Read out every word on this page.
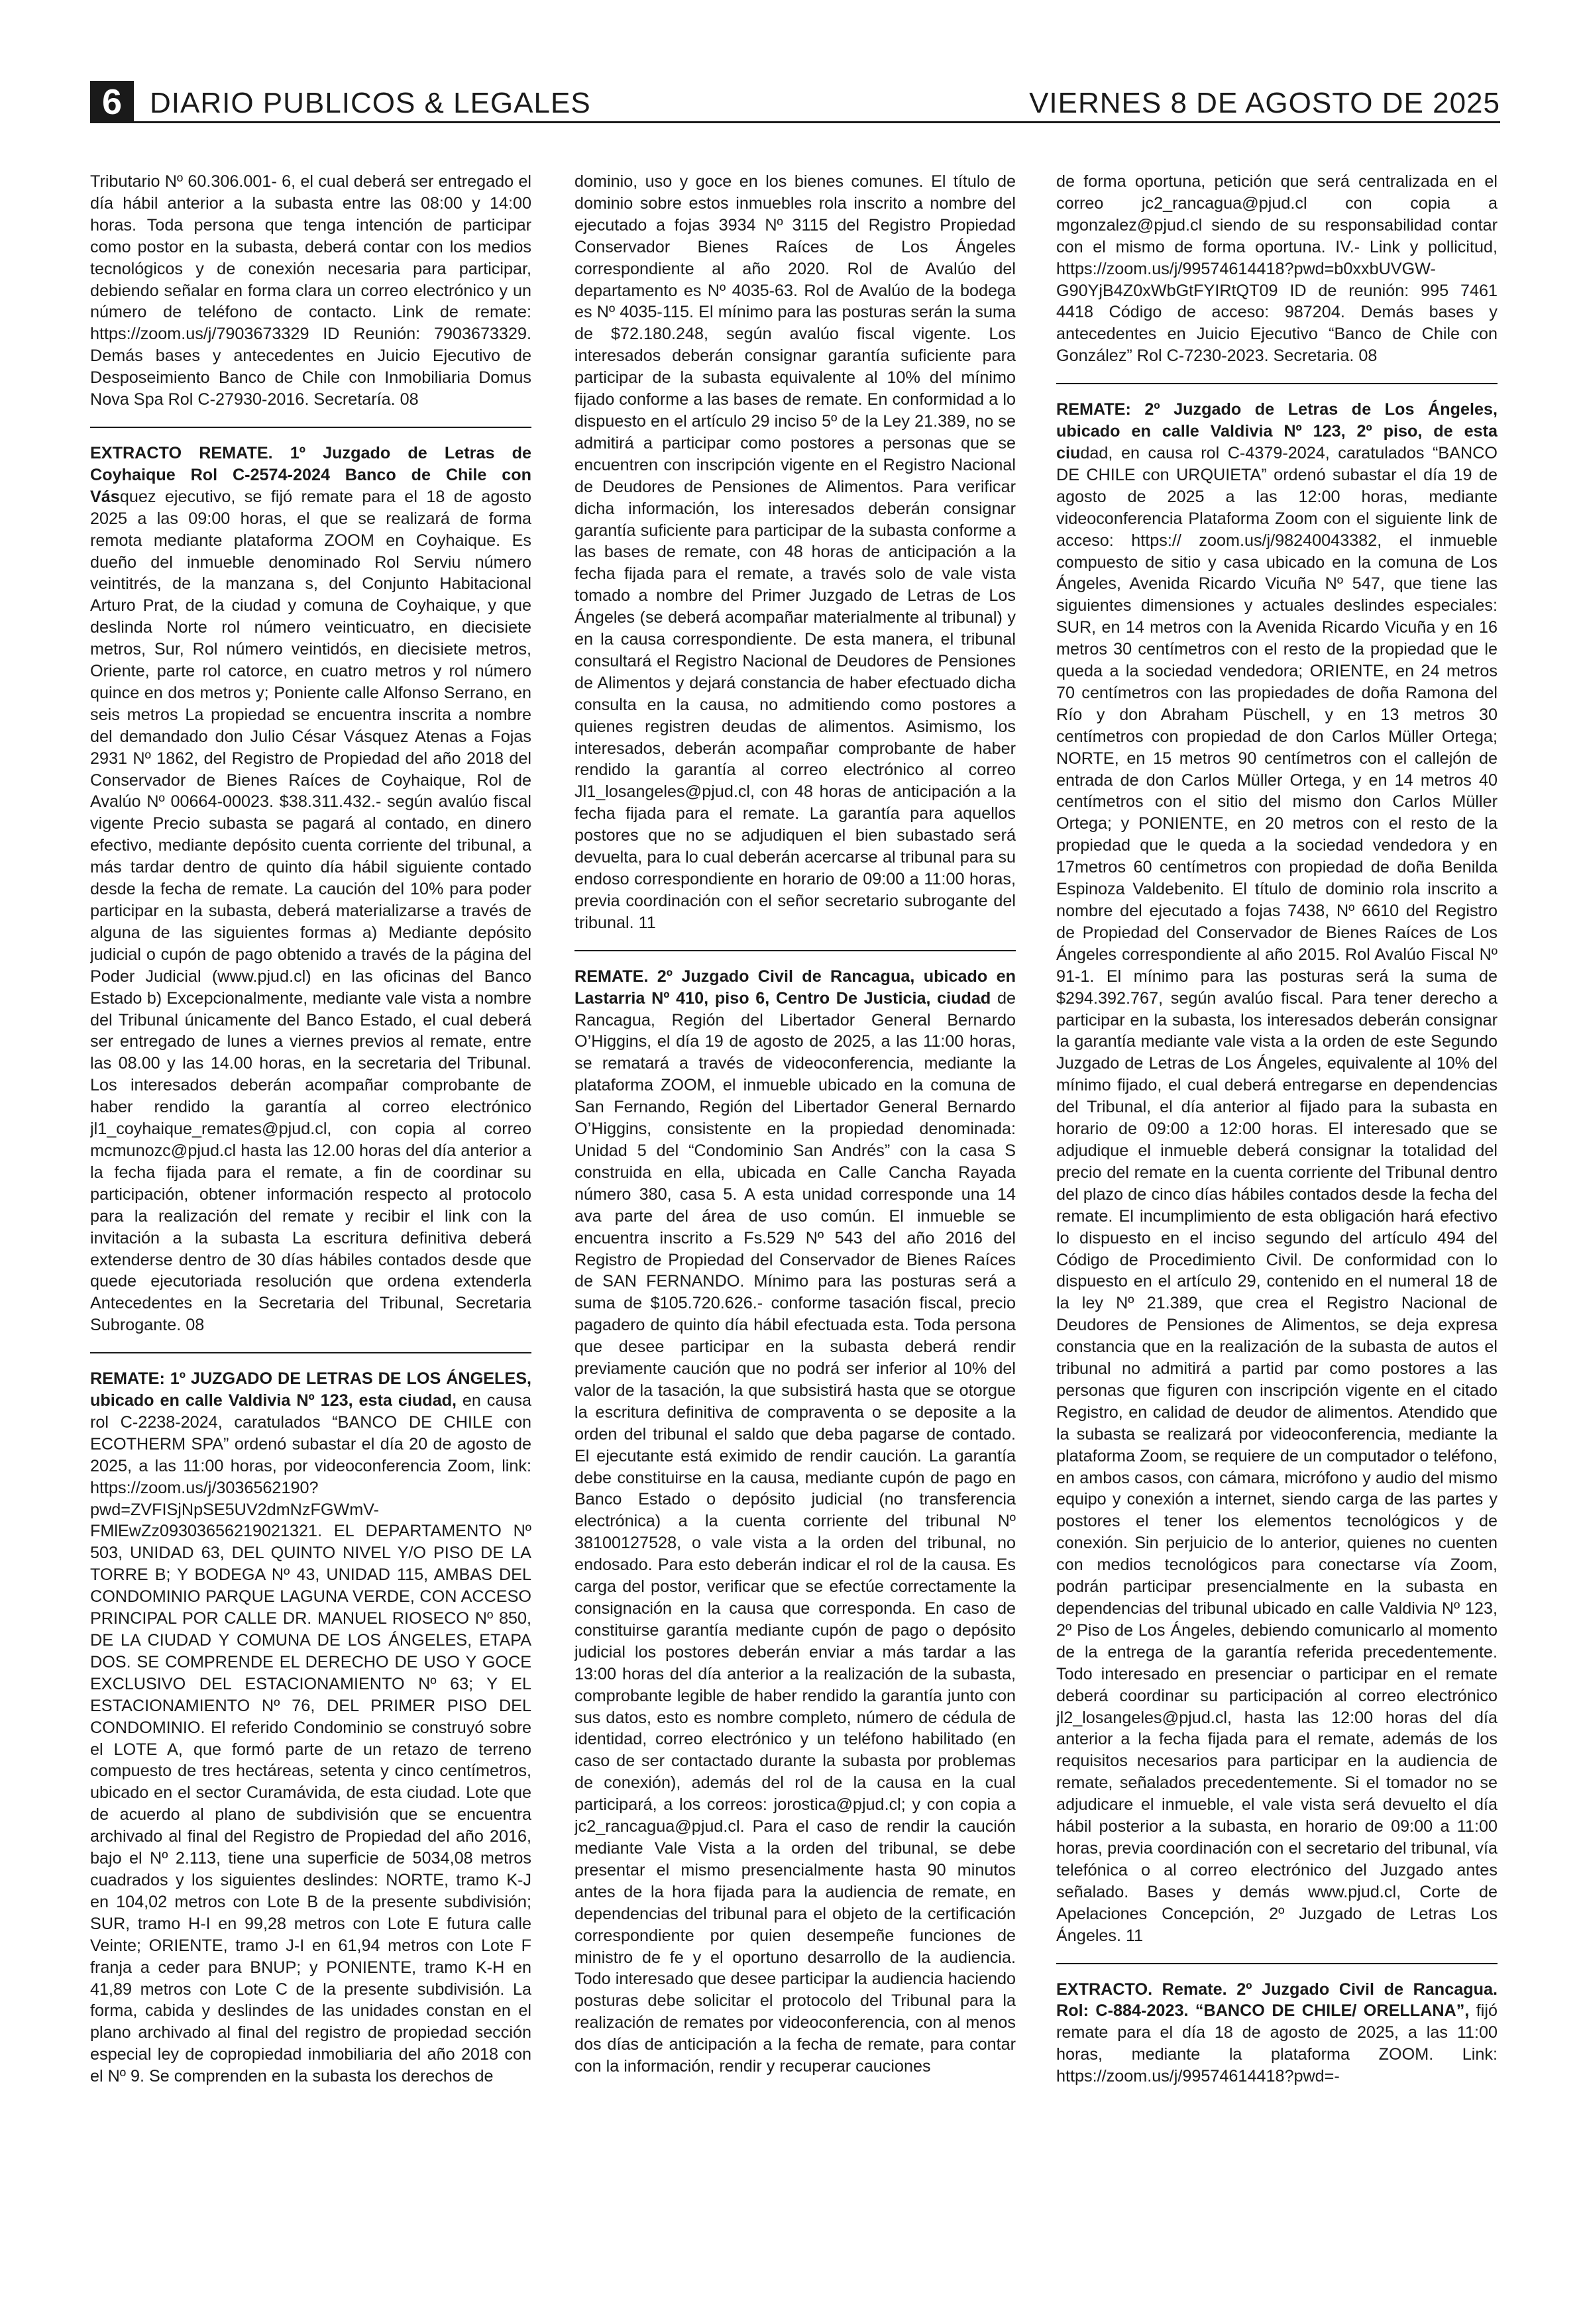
6 DIARIO PUBLICOS & LEGALES	VIERNES 8 DE AGOSTO DE 2025

Tributario Nº 60.306.001- 6, el cual deberá ser entregado el día hábil anterior a la subasta entre las 08:00 y 14:00 horas. Toda persona que tenga intención de participar como postor en la subasta, deberá contar con los medios tecnológicos y de conexión necesaria para participar, debiendo señalar en forma clara un correo electrónico y un número de teléfono de contacto. Link de remate: https://zoom.us/j/7903673329 ID Reunión: 7903673329. Demás bases y antecedentes en Juicio Ejecutivo de Desposeimiento Banco de Chile con Inmobiliaria Domus Nova Spa Rol C-27930-2016. Secretaría. 08

EXTRACTO REMATE. 1º Juzgado de Letras de Coyhaique Rol C-2574-2024 Banco de Chile con Vásquez ejecutivo, se fijó remate para el 18 de agosto 2025 a las 09:00 horas, el que se realizará de forma remota mediante plataforma ZOOM en Coyhaique. Es dueño del inmueble denominado Rol Serviu número veintitrés, de la manzana s, del Conjunto Habitacional Arturo Prat, de la ciudad y comuna de Coyhaique, y que deslinda Norte rol número veinticuatro, en diecisiete metros, Sur, Rol número veintidós, en diecisiete metros, Oriente, parte rol catorce, en cuatro metros y rol número quince en dos metros y; Poniente calle Alfonso Serrano, en seis metros La propiedad se encuentra inscrita a nombre del demandado don Julio César Vásquez Atenas a Fojas 2931 Nº 1862, del Registro de Propiedad del año 2018 del Conservador de Bienes Raíces de Coyhaique, Rol de Avalúo Nº 00664-00023. $38.311.432.- según avalúo fiscal vigente Precio subasta se pagará al contado, en dinero efectivo, mediante depósito cuenta corriente del tribunal, a más tardar dentro de quinto día hábil siguiente contado desde la fecha de remate. La caución del 10% para poder participar en la subasta, deberá materializarse a través de alguna de las siguientes formas a) Mediante depósito judicial o cupón de pago obtenido a través de la página del Poder Judicial (www.pjud.cl) en las oficinas del Banco Estado b) Excepcionalmente, mediante vale vista a nombre del Tribunal únicamente del Banco Estado, el cual deberá ser entregado de lunes a viernes previos al remate, entre las 08.00 y las 14.00 horas, en la secretaria del Tribunal. Los interesados deberán acompañar comprobante de haber rendido la garantía al correo electrónico jl1_coyhaique_remates@pjud.cl, con copia al correo mcmunozc@pjud.cl hasta las 12.00 horas del día anterior a la fecha fijada para el remate, a fin de coordinar su participación, obtener información respecto al protocolo para la realización del remate y recibir el link con la invitación a la subasta La escritura definitiva deberá extenderse dentro de 30 días hábiles contados desde que quede ejecutoriada resolución que ordena extenderla Antecedentes en la Secretaria del Tribunal, Secretaria Subrogante. 08

REMATE: 1º JUZGADO DE LETRAS DE LOS ÁNGELES, ubicado en calle Valdivia Nº 123, esta ciudad, en causa rol C-2238-2024, caratulados “BANCO DE CHILE con ECOTHERM SPA” ordenó subastar el día 20 de agosto de 2025, a las 11:00 horas, por videoconferencia Zoom, link: https://zoom.us/j/3036562190?pwd=ZVFISjNpSE5UV2dmNzFGWmV-FMlEwZz09303656219021321. EL DEPARTAMENTO Nº 503, UNIDAD 63, DEL QUINTO NIVEL Y/O PISO DE LA TORRE B; Y BODEGA Nº 43, UNIDAD 115, AMBAS DEL CONDOMINIO PARQUE LAGUNA VERDE, CON ACCESO PRINCIPAL POR CALLE DR. MANUEL RIOSECO Nº 850, DE LA CIUDAD Y COMUNA DE LOS ÁNGELES, ETAPA DOS. SE COMPRENDE EL DERECHO DE USO Y GOCE EXCLUSIVO DEL ESTACIONAMIENTO Nº 63; Y EL ESTACIONAMIENTO Nº 76, DEL PRIMER PISO DEL CONDOMINIO. El referido Condominio se construyó sobre el LOTE A, que formó parte de un retazo de terreno compuesto de tres hectáreas, setenta y cinco centímetros, ubicado en el sector Curamávida, de esta ciudad. Lote que de acuerdo al plano de subdivisión que se encuentra archivado al final del Registro de Propiedad del año 2016, bajo el Nº 2.113, tiene una superficie de 5034,08 metros cuadrados y los siguientes deslindes: NORTE, tramo K-J en 104,02 metros con Lote B de la presente subdivisión; SUR, tramo H-I en 99,28 metros con Lote E futura calle Veinte; ORIENTE, tramo J-I en 61,94 metros con Lote F franja a ceder para BNUP; y PONIENTE, tramo K-H en 41,89 metros con Lote C de la presente subdivisión. La forma, cabida y deslindes de las unidades constan en el plano archivado al final del registro de propiedad sección especial ley de copropiedad inmobiliaria del año 2018 con el Nº 9. Se comprenden en la subasta los derechos de

dominio, uso y goce en los bienes comunes. El título de dominio sobre estos inmuebles rola inscrito a nombre del ejecutado a fojas 3934 Nº 3115 del Registro Propiedad Conservador Bienes Raíces de Los Ángeles correspondiente al año 2020. Rol de Avalúo del departamento es Nº 4035-63. Rol de Avalúo de la bodega es Nº 4035-115. El mínimo para las posturas serán la suma de $72.180.248, según avalúo fiscal vigente. Los interesados deberán consignar garantía suficiente para participar de la subasta equivalente al 10% del mínimo fijado conforme a las bases de remate. En conformidad a lo dispuesto en el artículo 29 inciso 5º de la Ley 21.389, no se admitirá a participar como postores a personas que se encuentren con inscripción vigente en el Registro Nacional de Deudores de Pensiones de Alimentos. Para verificar dicha información, los interesados deberán consignar garantía suficiente para participar de la subasta conforme a las bases de remate, con 48 horas de anticipación a la fecha fijada para el remate, a través solo de vale vista tomado a nombre del Primer Juzgado de Letras de Los Ángeles (se deberá acompañar materialmente al tribunal) y en la causa correspondiente. De esta manera, el tribunal consultará el Registro Nacional de Deudores de Pensiones de Alimentos y dejará constancia de haber efectuado dicha consulta en la causa, no admitiendo como postores a quienes registren deudas de alimentos. Asimismo, los interesados, deberán acompañar comprobante de haber rendido la garantía al correo electrónico al correo Jl1_losangeles@pjud.cl, con 48 horas de anticipación a la fecha fijada para el remate. La garantía para aquellos postores que no se adjudiquen el bien subastado será devuelta, para lo cual deberán acercarse al tribunal para su endoso correspondiente en horario de 09:00 a 11:00 horas, previa coordinación con el señor secretario subrogante del tribunal. 11

REMATE. 2º Juzgado Civil de Rancagua, ubicado en Lastarria Nº 410, piso 6, Centro De Justicia, ciudad de Rancagua, Región del Libertador General Bernardo O’Higgins, el día 19 de agosto de 2025, a las 11:00 horas, se rematará a través de videoconferencia, mediante la plataforma ZOOM, el inmueble ubicado en la comuna de San Fernando, Región del Libertador General Bernardo O’Higgins, consistente en la propiedad denominada: Unidad 5 del “Condominio San Andrés” con la casa S construida en ella, ubicada en Calle Cancha Rayada número 380, casa 5. A esta unidad corresponde una 14 ava parte del área de uso común. El inmueble se encuentra inscrito a Fs.529 Nº 543 del año 2016 del Registro de Propiedad del Conservador de Bienes Raíces de SAN FERNANDO. Mínimo para las posturas será a suma de $105.720.626.- conforme tasación fiscal, precio pagadero de quinto día hábil efectuada esta. Toda persona que desee participar en la subasta deberá rendir previamente caución que no podrá ser inferior al 10% del valor de la tasación, la que subsistirá hasta que se otorgue la escritura definitiva de compraventa o se deposite a la orden del tribunal el saldo que deba pagarse de contado. El ejecutante está eximido de rendir caución. La garantía debe constituirse en la causa, mediante cupón de pago en Banco Estado o depósito judicial (no transferencia electrónica) a la cuenta corriente del tribunal Nº 38100127528, o vale vista a la orden del tribunal, no endosado. Para esto deberán indicar el rol de la causa. Es carga del postor, verificar que se efectúe correctamente la consignación en la causa que corresponda. En caso de constituirse garantía mediante cupón de pago o depósito judicial los postores deberán enviar a más tardar a las 13:00 horas del día anterior a la realización de la subasta, comprobante legible de haber rendido la garantía junto con sus datos, esto es nombre completo, número de cédula de identidad, correo electrónico y un teléfono habilitado (en caso de ser contactado durante la subasta por problemas de conexión), además del rol de la causa en la cual participará, a los correos: jorostica@pjud.cl; y con copia a jc2_rancagua@pjud.cl. Para el caso de rendir la caución mediante Vale Vista a la orden del tribunal, se debe presentar el mismo presencialmente hasta 90 minutos antes de la hora fijada para la audiencia de remate, en dependencias del tribunal para el objeto de la certificación correspondiente por quien desempeñe funciones de ministro de fe y el oportuno desarrollo de la audiencia. Todo interesado que desee participar la audiencia haciendo posturas debe solicitar el protocolo del Tribunal para la realización de remates por videoconferencia, con al menos dos días de anticipación a la fecha de remate, para contar con la información, rendir y recuperar cauciones

de forma oportuna, petición que será centralizada en el correo jc2_rancagua@pjud.cl con copia a mgonzalez@pjud.cl siendo de su responsabilidad contar con el mismo de forma oportuna. IV.- Link y pollicitud, https://zoom.us/j/99574614418?pwd=b0xxbUVGW-G90YjB4Z0xWbGtFYIRtQT09 ID de reunión: 995 7461 4418 Código de acceso: 987204. Demás bases y antecedentes en Juicio Ejecutivo “Banco de Chile con González” Rol C-7230-2023. Secretaria. 08

REMATE: 2º Juzgado de Letras de Los Ángeles, ubicado en calle Valdivia Nº 123, 2º piso, de esta ciudad, en causa rol C-4379-2024, caratulados “BANCO DE CHILE con URQUIETA” ordenó subastar el día 19 de agosto de 2025 a las 12:00 horas, mediante videoconferencia Plataforma Zoom con el siguiente link de acceso: https:// zoom.us/j/98240043382, el inmueble compuesto de sitio y casa ubicado en la comuna de Los Ángeles, Avenida Ricardo Vicuña Nº 547, que tiene las siguientes dimensiones y actuales deslindes especiales: SUR, en 14 metros con la Avenida Ricardo Vicuña y en 16 metros 30 centímetros con el resto de la propiedad que le queda a la sociedad vendedora; ORIENTE, en 24 metros 70 centímetros con las propiedades de doña Ramona del Río y don Abraham Püschell, y en 13 metros 30 centímetros con propiedad de don Carlos Müller Ortega; NORTE, en 15 metros 90 centímetros con el callejón de entrada de don Carlos Müller Ortega, y en 14 metros 40 centímetros con el sitio del mismo don Carlos Müller Ortega; y PONIENTE, en 20 metros con el resto de la propiedad que le queda a la sociedad vendedora y en 17metros 60 centímetros con propiedad de doña Benilda Espinoza Valdebenito. El título de dominio rola inscrito a nombre del ejecutado a fojas 7438, Nº 6610 del Registro de Propiedad del Conservador de Bienes Raíces de Los Ángeles correspondiente al año 2015. Rol Avalúo Fiscal Nº 91-1. El mínimo para las posturas será la suma de $294.392.767, según avalúo fiscal. Para tener derecho a participar en la subasta, los interesados deberán consignar la garantía mediante vale vista a la orden de este Segundo Juzgado de Letras de Los Ángeles, equivalente al 10% del mínimo fijado, el cual deberá entregarse en dependencias del Tribunal, el día anterior al fijado para la subasta en horario de 09:00 a 12:00 horas. El interesado que se adjudique el inmueble deberá consignar la totalidad del precio del remate en la cuenta corriente del Tribunal dentro del plazo de cinco días hábiles contados desde la fecha del remate. El incumplimiento de esta obligación hará efectivo lo dispuesto en el inciso segundo del artículo 494 del Código de Procedimiento Civil. De conformidad con lo dispuesto en el artículo 29, contenido en el numeral 18 de la ley Nº 21.389, que crea el Registro Nacional de Deudores de Pensiones de Alimentos, se deja expresa constancia que en la realización de la subasta de autos el tribunal no admitirá a partid par como postores a las personas que figuren con inscripción vigente en el citado Registro, en calidad de deudor de alimentos. Atendido que la subasta se realizará por videoconferencia, mediante la plataforma Zoom, se requiere de un computador o teléfono, en ambos casos, con cámara, micrófono y audio del mismo equipo y conexión a internet, siendo carga de las partes y postores el tener los elementos tecnológicos y de conexión. Sin perjuicio de lo anterior, quienes no cuenten con medios tecnológicos para conectarse vía Zoom, podrán participar presencialmente en la subasta en dependencias del tribunal ubicado en calle Valdivia Nº 123, 2º Piso de Los Ángeles, debiendo comunicarlo al momento de la entrega de la garantía referida precedentemente. Todo interesado en presenciar o participar en el remate deberá coordinar su participación al correo electrónico jl2_losangeles@pjud.cl, hasta las 12:00 horas del día anterior a la fecha fijada para el remate, además de los requisitos necesarios para participar en la audiencia de remate, señalados precedentemente. Si el tomador no se adjudicare el inmueble, el vale vista será devuelto el día hábil posterior a la subasta, en horario de 09:00 a 11:00 horas, previa coordinación con el secretario del tribunal, vía telefónica o al correo electrónico del Juzgado antes señalado. Bases y demás www.pjud.cl, Corte de Apelaciones Concepción, 2º Juzgado de Letras Los Ángeles. 11

EXTRACTO. Remate. 2º Juzgado Civil de Rancagua. Rol: C-884-2023. “BANCO DE CHILE/ ORELLANA”, fijó remate para el día 18 de agosto de 2025, a las 11:00 horas, mediante la plataforma ZOOM. Link: https://zoom.us/j/99574614418?pwd=-
